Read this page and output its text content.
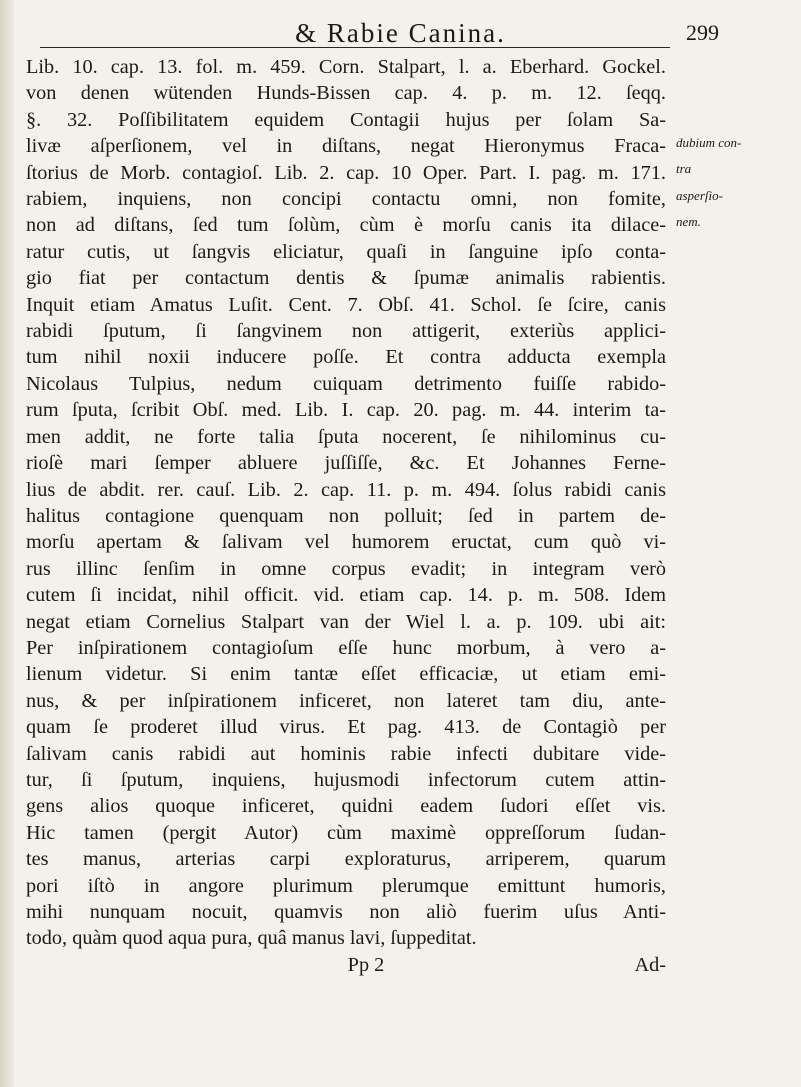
& Rabie Canina.	299
Lib. 10. cap. 13. fol. m. 459. Corn. Stalpart, l. a. Eberhard. Gockel.
von denen wütenden Hunds-Bissen cap. 4. p. m. 12. ſeqq.
§. 32. Poſſibilitatem equidem Contagii hujus per ſolam Sa-
livæ aſperſionem, vel in diſtans, negat Hieronymus Fraca-
ſtorius de Morb. contagioſ. Lib. 2. cap. 10 Oper. Part. I. pag. m. 171.
rabiem, inquiens, non concipi contactu omni, non fomite,
non ad diſtans, ſed tum ſolùm, cùm è morſu canis ita dilace-
ratur cutis, ut ſangvis eliciatur, quaſi in ſanguine ipſo conta-
gio fiat per contactum dentis & ſpumæ animalis rabientis.
Inquit etiam Amatus Luſit. Cent. 7. Obſ. 41. Schol. ſe ſcire, canis
rabidi ſputum, ſi ſangvinem non attigerit, exteriùs applici-
tum nihil noxii inducere poſſe. Et contra adducta exempla
Nicolaus Tulpius, nedum cuiquam detrimento fuiſſe rabido-
rum ſputa, ſcribit Obſ. med. Lib. I. cap. 20. pag. m. 44. interim ta-
men addit, ne forte talia ſputa nocerent, ſe nihilominus cu-
rioſè mari ſemper abluere juſſiſſe, &c. Et Johannes Ferne-
lius de abdit. rer. cauſ. Lib. 2. cap. 11. p. m. 494. ſolus rabidi canis
halitus contagione quenquam non polluit; ſed in partem de-
morſu apertam & ſalivam vel humorem eructat, cum quò vi-
rus illinc ſenſim in omne corpus evadit; in integram verò
cutem ſi incidat, nihil officit. vid. etiam cap. 14. p. m. 508. Idem
negat etiam Cornelius Stalpart van der Wiel l. a. p. 109. ubi ait:
Per inſpirationem contagioſum eſſe hunc morbum, à vero a-
lienum videtur. Si enim tantæ eſſet efficaciæ, ut etiam emi-
nus, & per inſpirationem inficeret, non lateret tam diu, ante-
quam ſe proderet illud virus. Et pag. 413. de Contagiò per
ſalivam canis rabidi aut hominis rabie infecti dubitare vide-
tur, ſi ſputum, inquiens, hujusmodi infectorum cutem attin-
gens alios quoque inficeret, quidni eadem ſudori eſſet vis.
Hic tamen (pergit Autor) cùm maximè oppreſſorum ſudan-
tes manus, arterias carpi exploraturus, arriperem, quarum
pori iſtò in angore plurimum plerumque emittunt humoris,
mihi nunquam nocuit, quamvis non aliò fuerim uſus Anti-
todo, quàm quod aqua pura, quâ manus lavi, ſuppeditat.
Pp 2	Ad-
dubium con-
tra
asperſio-
nem.
